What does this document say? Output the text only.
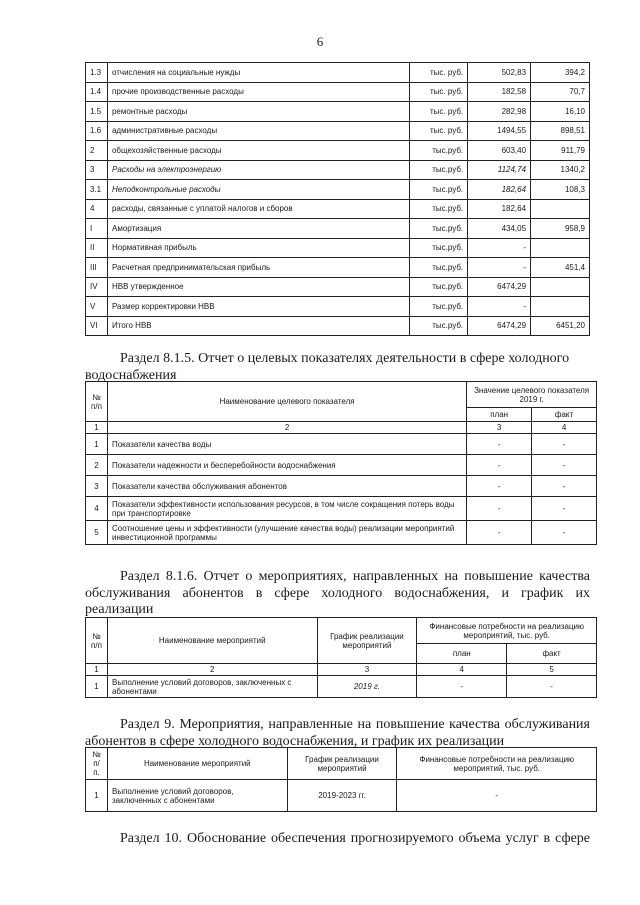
6
1.3	отчисления на социальные нужды	тыс. руб.	502,83	394,2
1.4	прочие производственные расходы	тыс. руб.	182,58	70,7
1.5	ремонтные расходы	тыс. руб.	282,98	16,10
1.6	административные расходы	тыс. руб.	1494,55	898,51
2	общехозяйственные расходы	тыс.руб.	603,40	911,79
3	Расходы на электроэнергию	тыс.руб.	1124,74	1340,2
3.1	Неподконтрольные расходы	тыс.руб.	182,64	108,3
4	расходы, связанные с уплатой налогов и сборов	тыс.руб.	182,64	
I	Амортизация	тыс.руб.	434,05	958,9
II	Нормативная прибыль	тыс.руб.	-	
III	Расчетная предпринимательская прибыль	тыс.руб.	-	451,4
IV	НВВ утвержденное	тыс.руб.	6474,29	
V	Размер корректировки НВВ	тыс.руб.	-	
VI	Итого НВВ	тыс.руб.	6474,29	6451,20

Раздел 8.1.5. Отчет о целевых показателях деятельности в сфере холодного

водоснабжения

№ п/п	Наименование целевого показателя	Значение целевого показателя 2019 г.	
		план	факт
1	2	3	4
1	Показатели качества воды	-	-
2	Показатели надежности и бесперебойности водоснабжения	-	-
3	Показатели качества обслуживания абонентов	-	-
4	Показатели эффективности использования ресурсов, в том числе сокращения потерь воды при транспортировке	-	-
5	Соотношение цены и эффективности (улучшение качества воды) реализации мероприятий инвестиционной программы	-	-

Раздел 8.1.6. Отчет о мероприятиях, направленных на повышение качества

обслуживания абонентов в сфере холодного водоснабжения, и график их

реализации

№ п/п	Наименование мероприятий	График реализации мероприятий	Финансовые потребности на реализацию мероприятий, тыс. руб.	
			план	факт
1	2	3	4	5
1	Выполнение условий договоров, заключенных с абонентами	2019 г.	-	-

Раздел 9. Мероприятия, направленные на повышение качества обслуживания

абонентов в сфере холодного водоснабжения, и график их реализации

№ п/п.	Наименование мероприятий	График реализации мероприятий	Финансовые потребности на реализацию мероприятий, тыс. руб.
1	Выполнение условий договоров, заключенных с абонентами	2019-2023 гг.	-

Раздел 10. Обоснование обеспечения прогнозируемого объема услуг в сфере
